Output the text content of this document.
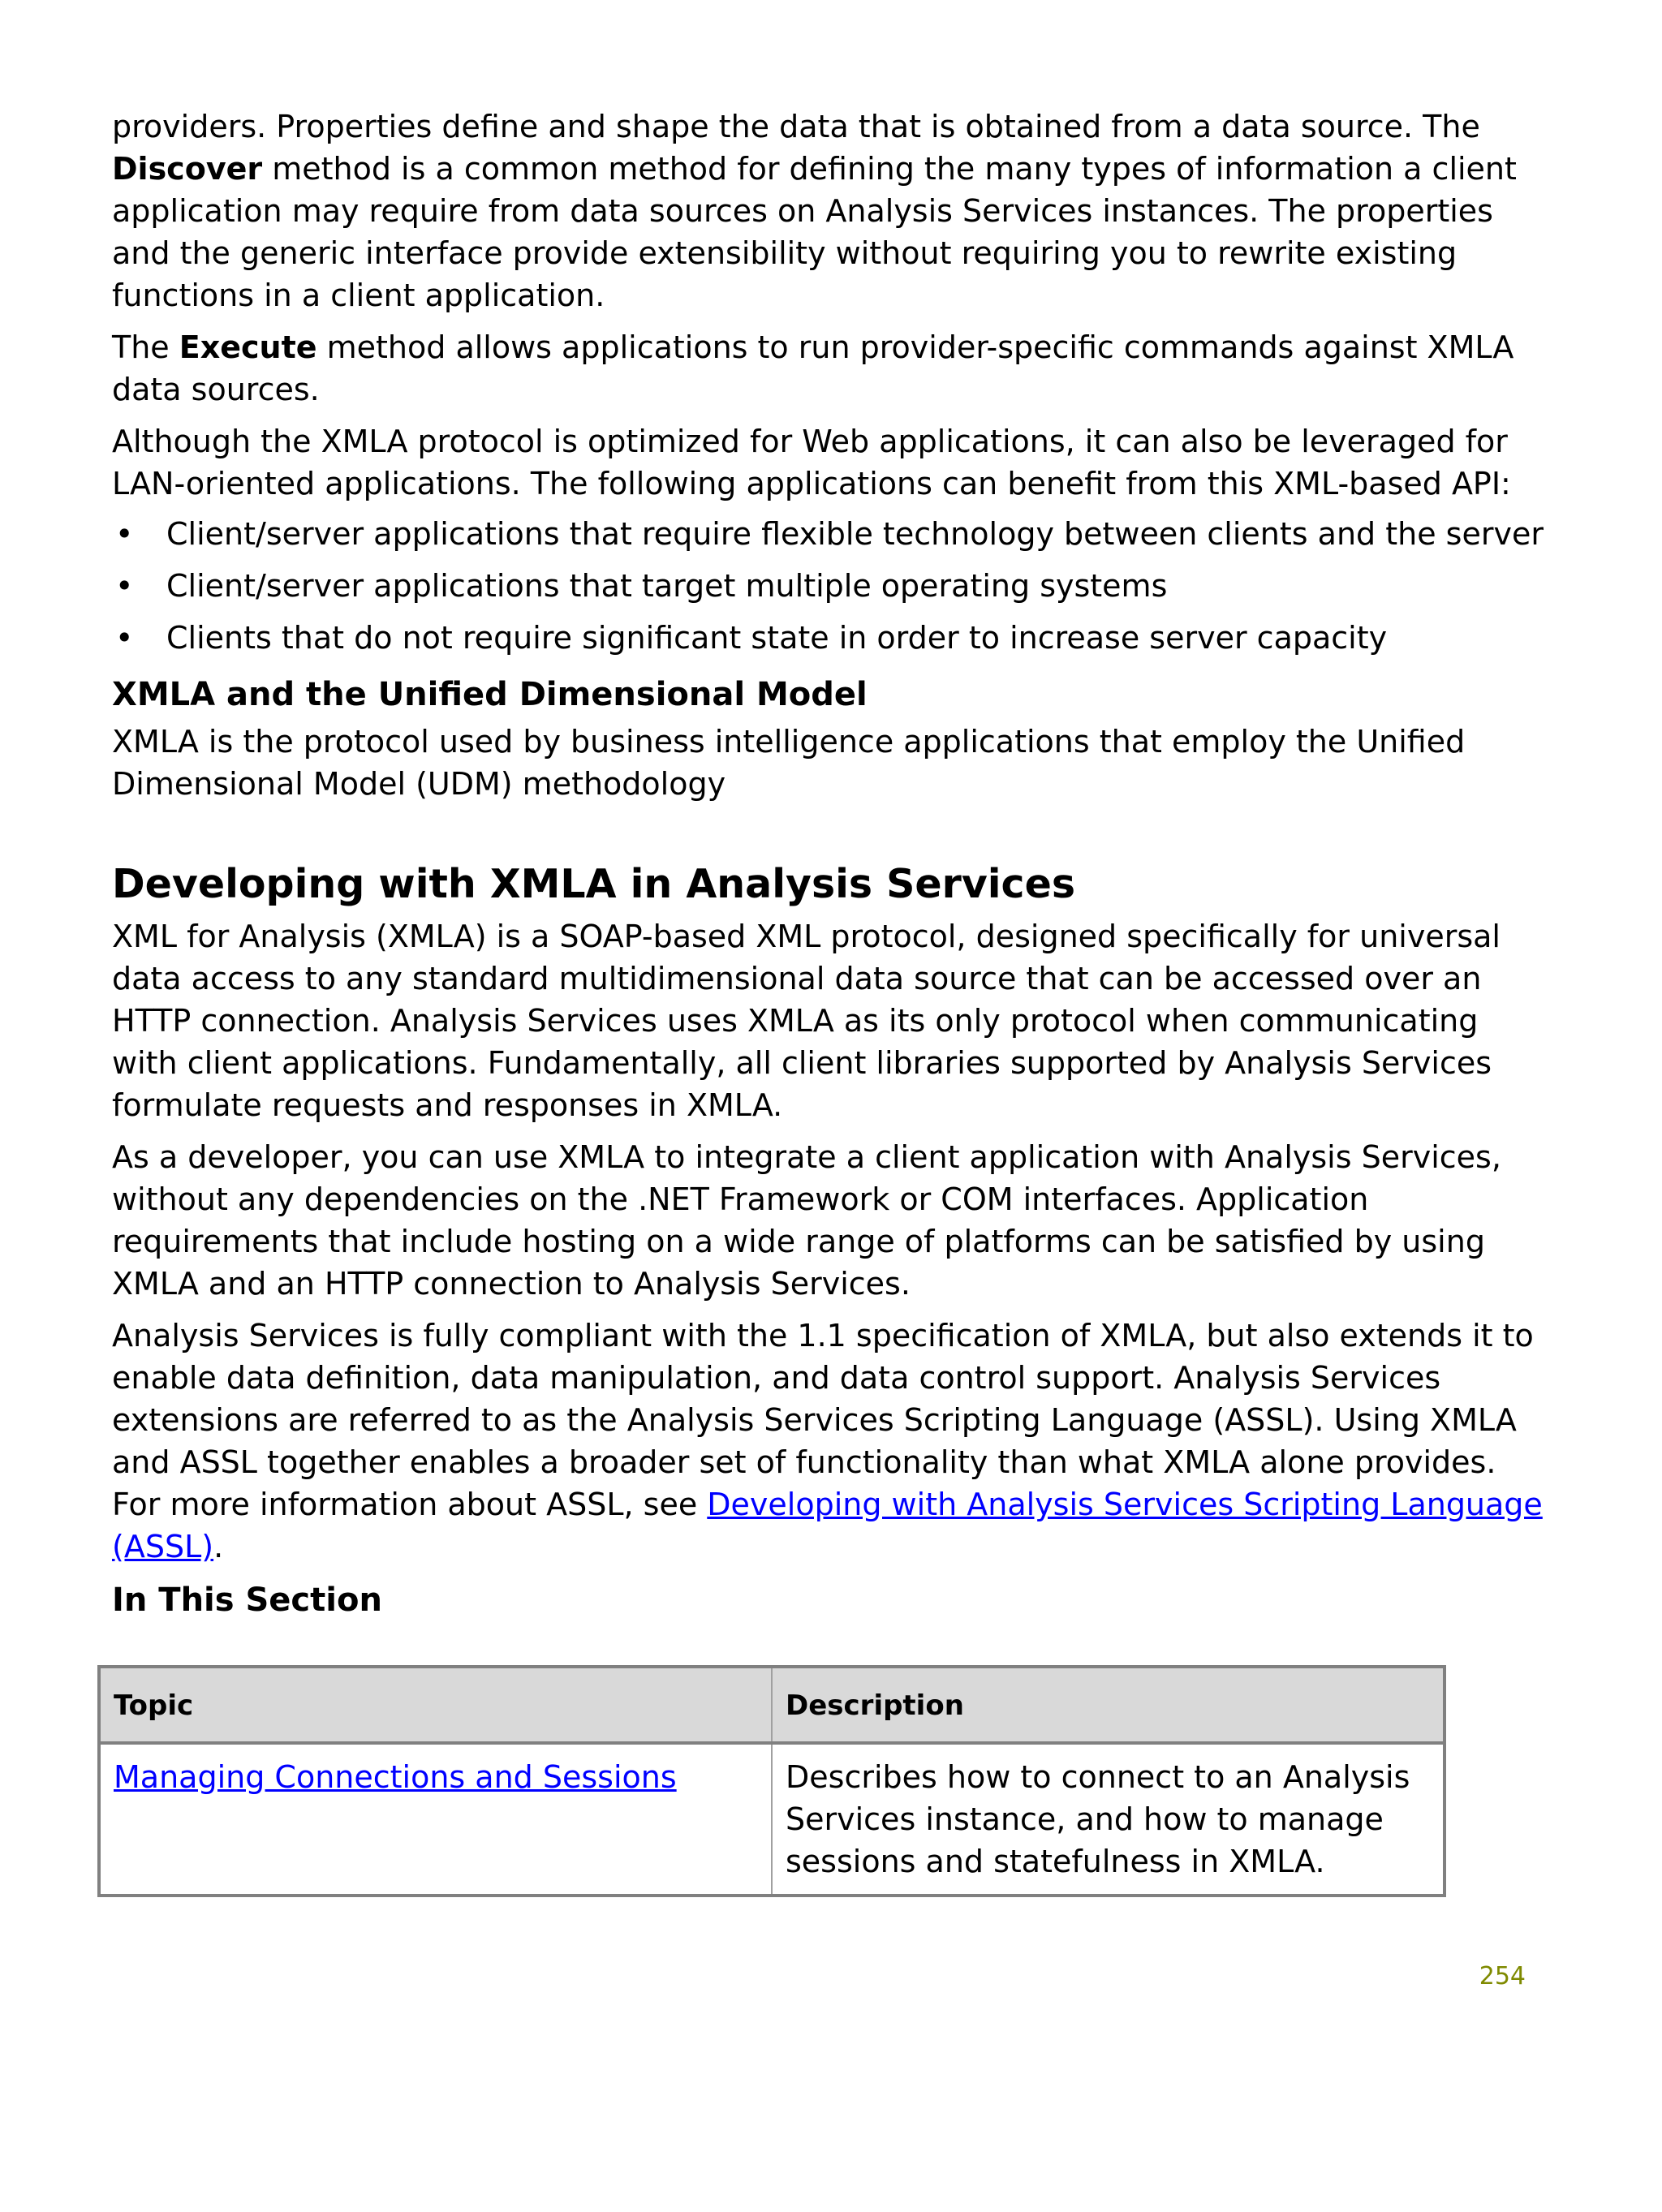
providers. Properties define and shape the data that is obtained from a data source. The Discover method is a common method for defining the many types of information a client application may require from data sources on Analysis Services instances. The properties and the generic interface provide extensibility without requiring you to rewrite existing functions in a client application.

The Execute method allows applications to run provider-specific commands against XMLA data sources.

Although the XMLA protocol is optimized for Web applications, it can also be leveraged for LAN-oriented applications. The following applications can benefit from this XML-based API:

• Client/server applications that require flexible technology between clients and the server
• Client/server applications that target multiple operating systems
• Clients that do not require significant state in order to increase server capacity
XMLA and the Unified Dimensional Model

XMLA is the protocol used by business intelligence applications that employ the Unified Dimensional Model (UDM) methodology

Developing with XMLA in Analysis Services

XML for Analysis (XMLA) is a SOAP-based XML protocol, designed specifically for universal data access to any standard multidimensional data source that can be accessed over an HTTP connection. Analysis Services uses XMLA as its only protocol when communicating with client applications. Fundamentally, all client libraries supported by Analysis Services formulate requests and responses in XMLA.

As a developer, you can use XMLA to integrate a client application with Analysis Services, without any dependencies on the .NET Framework or COM interfaces. Application requirements that include hosting on a wide range of platforms can be satisfied by using XMLA and an HTTP connection to Analysis Services.

Analysis Services is fully compliant with the 1.1 specification of XMLA, but also extends it to enable data definition, data manipulation, and data control support. Analysis Services extensions are referred to as the Analysis Services Scripting Language (ASSL). Using XMLA and ASSL together enables a broader set of functionality than what XMLA alone provides. For more information about ASSL, see Developing with Analysis Services Scripting Language (ASSL).

In This Section
Topic	Description
Managing Connections and Sessions	Describes how to connect to an Analysis Services instance, and how to manage sessions and statefulness in XMLA.
254
